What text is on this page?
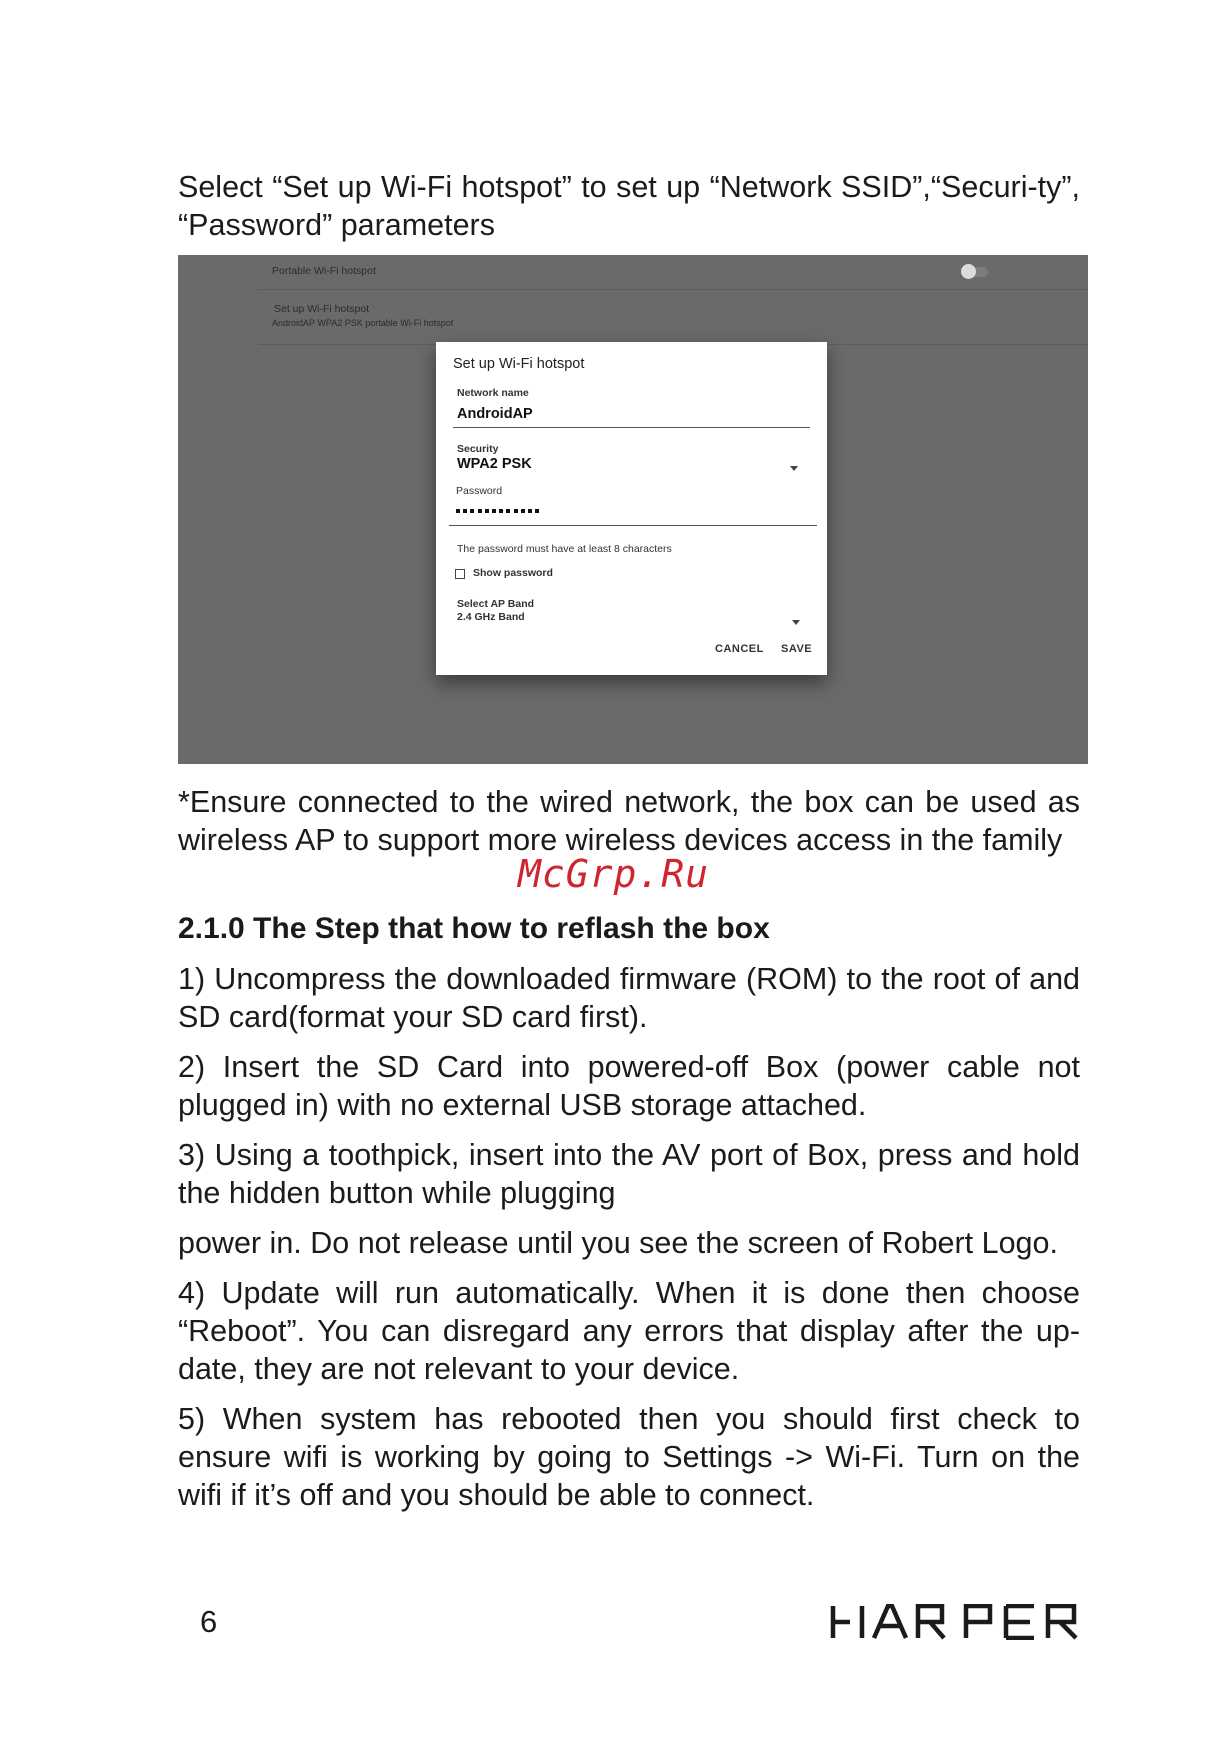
Select “Set up Wi-Fi hotspot” to set up “Network SSID”,“Securi-ty”, “Password” parameters

Portable Wi-Fi hotspot
Set up Wi-Fi hotspot
AndroidAP WPA2 PSK portable Wi-Fi hotspot
Set up Wi-Fi hotspot
Network name
AndroidAP
Security
WPA2 PSK
Password
The password must have at least 8 characters
Show password
Select AP Band
2.4 GHz Band
CANCEL SAVE

*Ensure connected to the wired network, the box can be used as wireless AP to support more wireless devices access in the family

McGrp.Ru

2.1.0 The Step that how to reflash the box

1) Uncompress the downloaded firmware (ROM) to the root of and SD card(format your SD card first).

2) Insert the SD Card into powered-off Box (power cable not plugged in) with no external USB storage attached.

3) Using a toothpick, insert into the AV port of Box, press and hold the hidden button while plugging

power in. Do not release until you see the screen of Robert Logo.

4) Update will run automatically. When it is done then choose “Reboot”. You can disregard any errors that display after the up-date, they are not relevant to your device.

5) When system has rebooted then you should first check to ensure wifi is working by going to Settings -> Wi-Fi. Turn on the wifi if it’s off and you should be able to connect.

6
